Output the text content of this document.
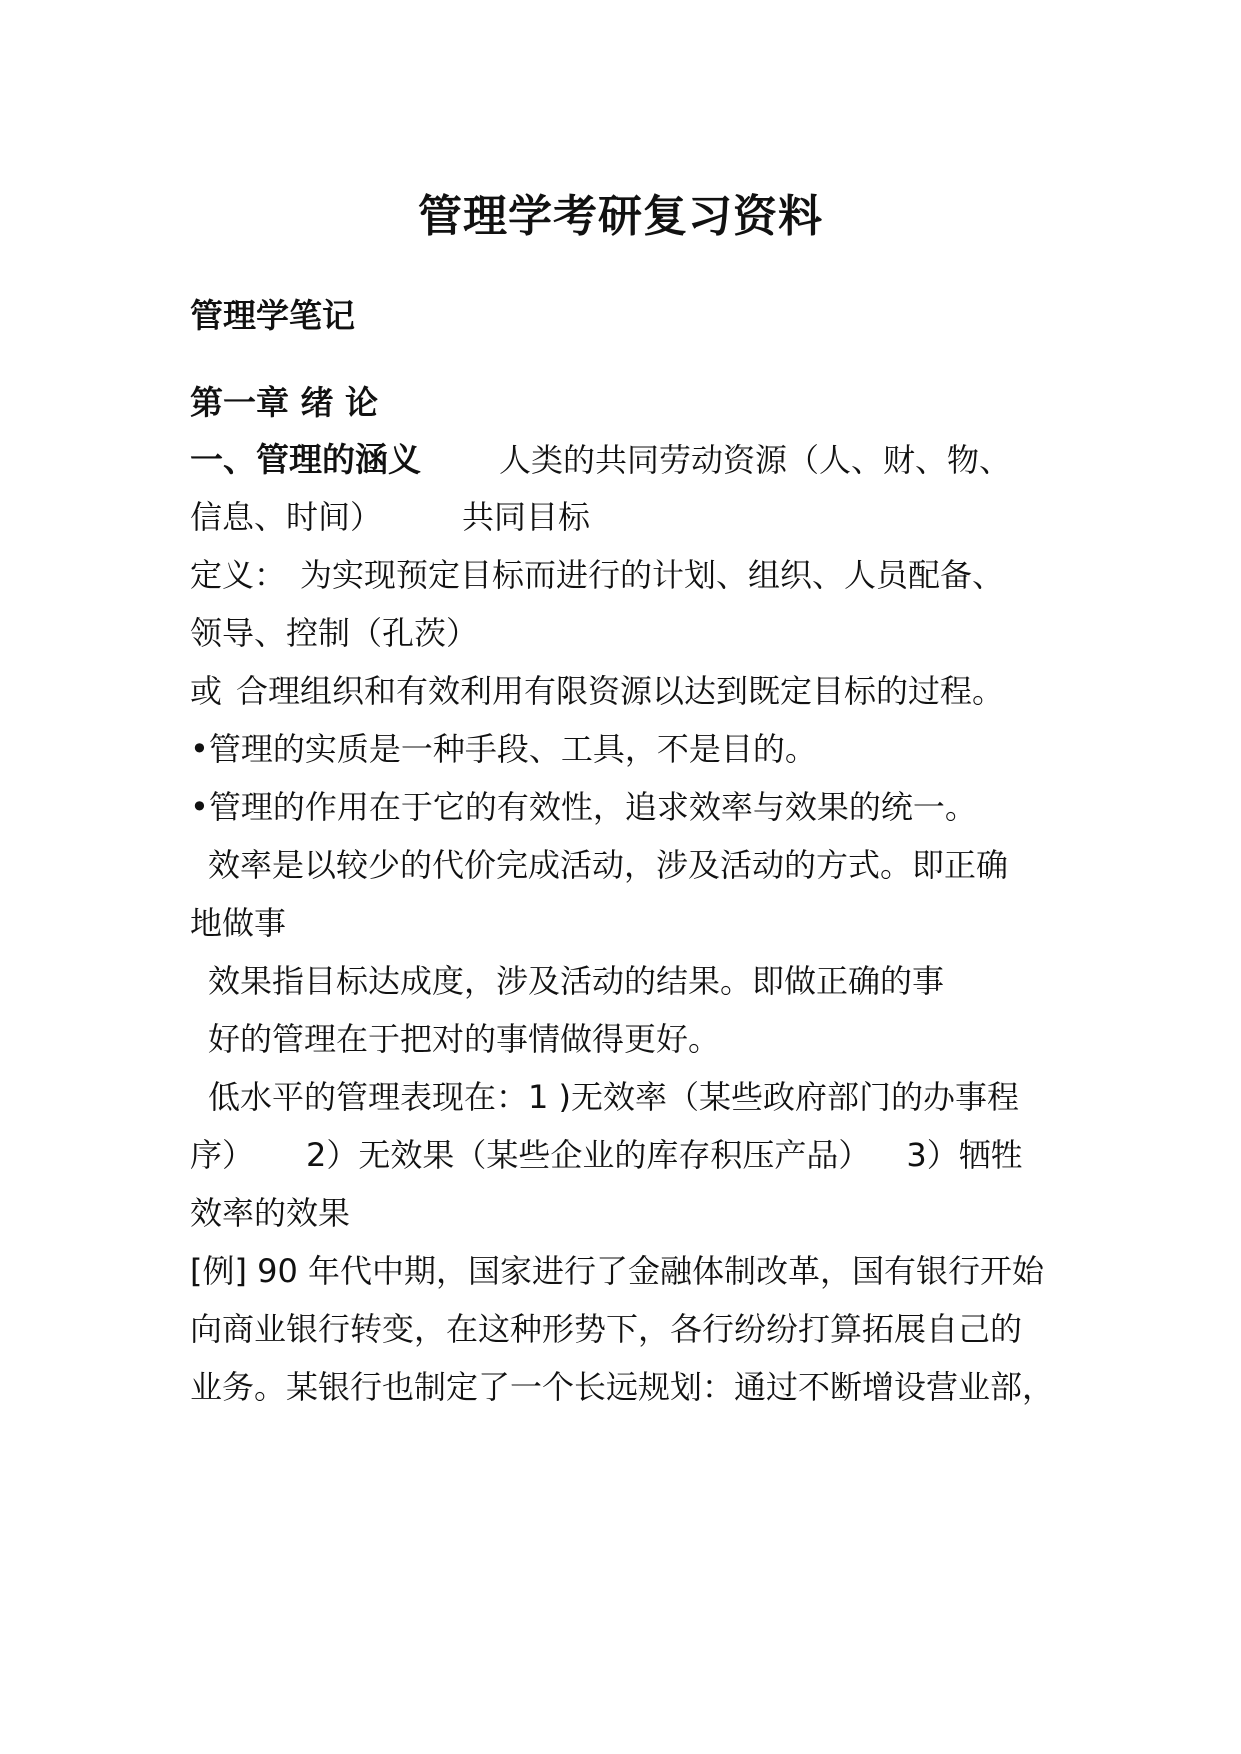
管理学考研复习资料
管理学笔记
第一章 绪 论
一、管理的涵义 人类的共同劳动资源（人、财、物、
信息、时间）	共同目标
定义： 为实现预定目标而进行的计划、组织、人员配备、
领导、控制（孔茨）
或 合理组织和有效利用有限资源以达到既定目标的过程。
•管理的实质是一种手段、工具，不是目的。
•管理的作用在于它的有效性，追求效率与效果的统一。
效率是以较少的代价完成活动，涉及活动的方式。即正确
地做事
效果指目标达成度，涉及活动的结果。即做正确的事
好的管理在于把对的事情做得更好。
低水平的管理表现在：1 )无效率（某些政府部门的办事程
序） 2）无效果（某些企业的库存积压产品） 3）牺牲
效率的效果
[例] 90 年代中期，国家进行了金融体制改革，国有银行开始
向商业银行转变，在这种形势下，各行纷纷打算拓展自己的
业务。某银行也制定了一个长远规划：通过不断增设营业部，
